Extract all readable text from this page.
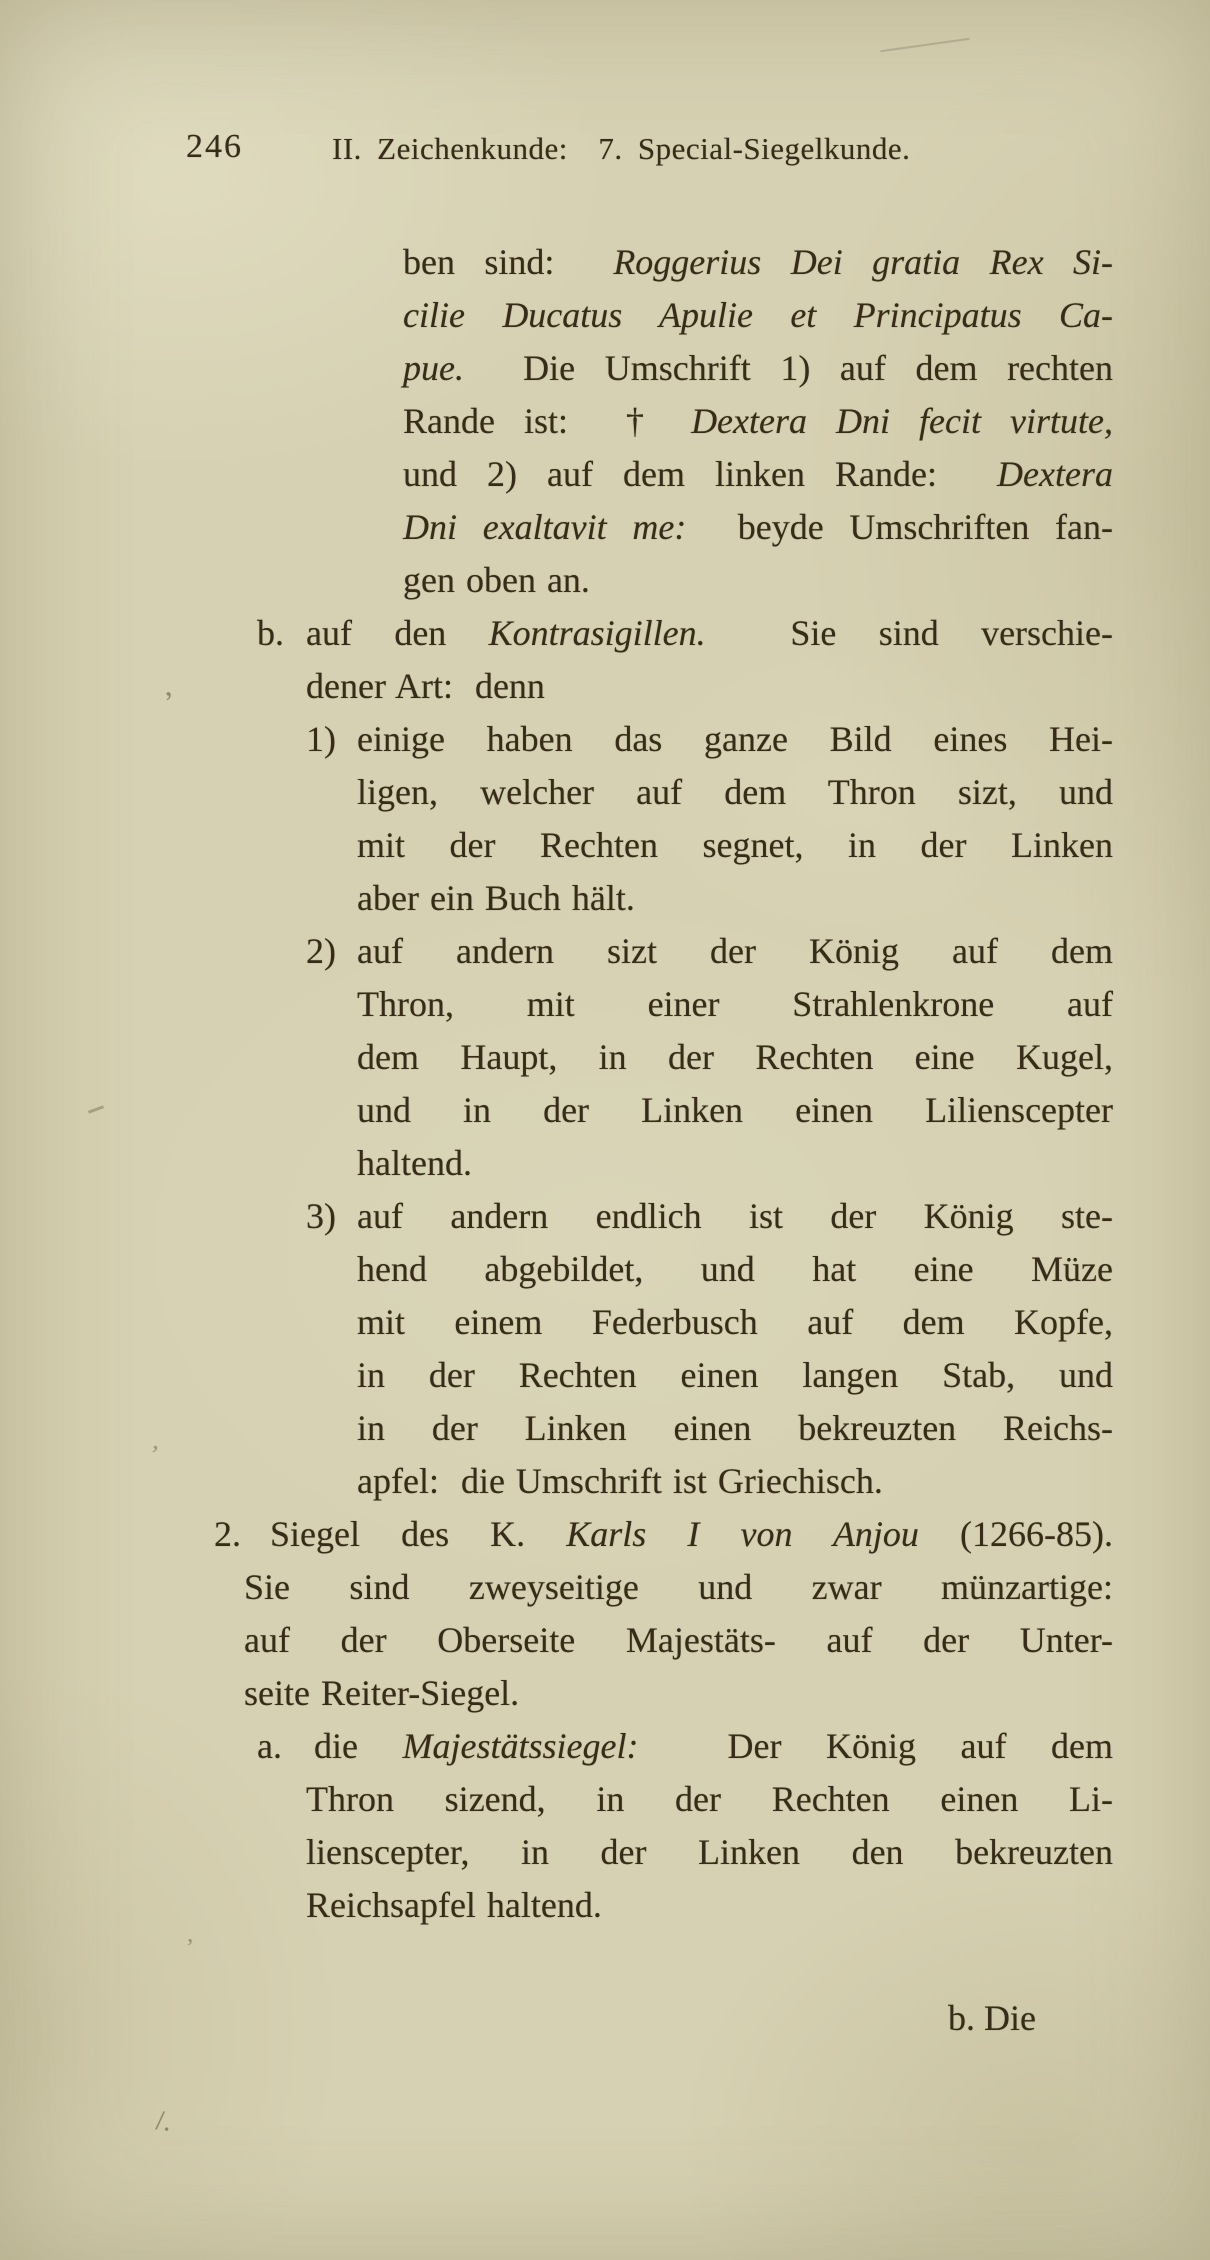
246	II. Zeichenkunde:  7. Special-Siegelkunde.
ben sind:  Roggerius Dei gratia Rex Si-
cilie Ducatus Apulie et Principatus Ca-
pue.  Die Umschrift 1) auf dem rechten
Rande ist:  † Dextera Dni fecit virtute,
und 2) auf dem linken Rande:  Dextera
Dni exaltavit me:  beyde Umschriften fan-
gen oben an.
b. auf den Kontrasigillen.  Sie sind verschie-
dener Art:  denn
1) einige haben das ganze Bild eines Hei-
ligen, welcher auf dem Thron sizt, und
mit der Rechten segnet, in der Linken
aber ein Buch hält.
2) auf andern sizt der König auf dem
Thron, mit einer Strahlenkrone auf
dem Haupt, in der Rechten eine Kugel,
und in der Linken einen Lilienscepter
haltend.
3) auf andern endlich ist der König ste-
hend abgebildet, und hat eine Müze
mit einem Federbusch auf dem Kopfe,
in der Rechten einen langen Stab, und
in der Linken einen bekreuzten Reichs-
apfel:  die Umschrift ist Griechisch.
2. Siegel des K. Karls I von Anjou (1266-85).
Sie sind zweyseitige und zwar münzartige:
auf der Oberseite Majestäts- auf der Unter-
seite Reiter-Siegel.
a. die Majestätssiegel:  Der König auf dem
Thron sizend, in der Rechten einen Li-
lienscepter, in der Linken den bekreuzten
Reichsapfel haltend.
b. Die
’
’
/.
’
